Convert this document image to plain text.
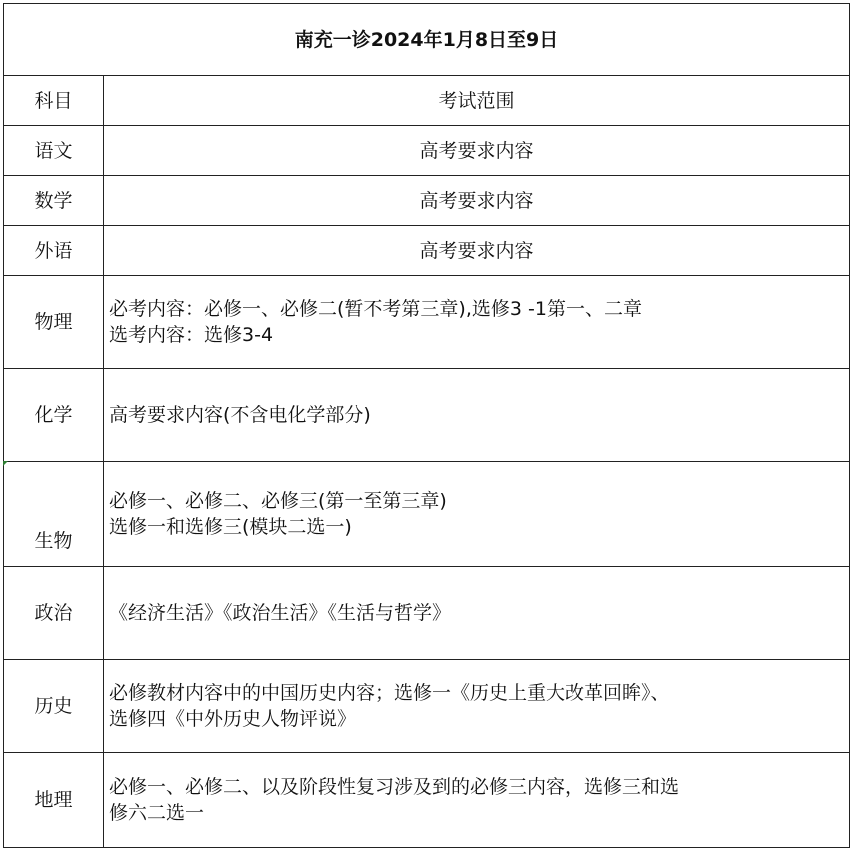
南充一诊2024年1月8日至9日	
科目	考试范围
语文	高考要求内容
数学	高考要求内容
外语	高考要求内容
物理	必考内容：必修一、必修二(暂不考第三章),选修3 -1第一、二章
选考内容：选修3-4

化学	高考要求内容(不含电化学部分)

生物	必修一、必修二、必修三(第一至第三章)
选修一和选修三(模块二选一)

政治	《经济生活》《政治生活》《生活与哲学》

历史	必修教材内容中的中国历史内容；选修一《历史上重大改革回眸》、
选修四《中外历史人物评说》

地理	必修一、必修二、以及阶段性复习涉及到的必修三内容，选修三和选
修六二选一
